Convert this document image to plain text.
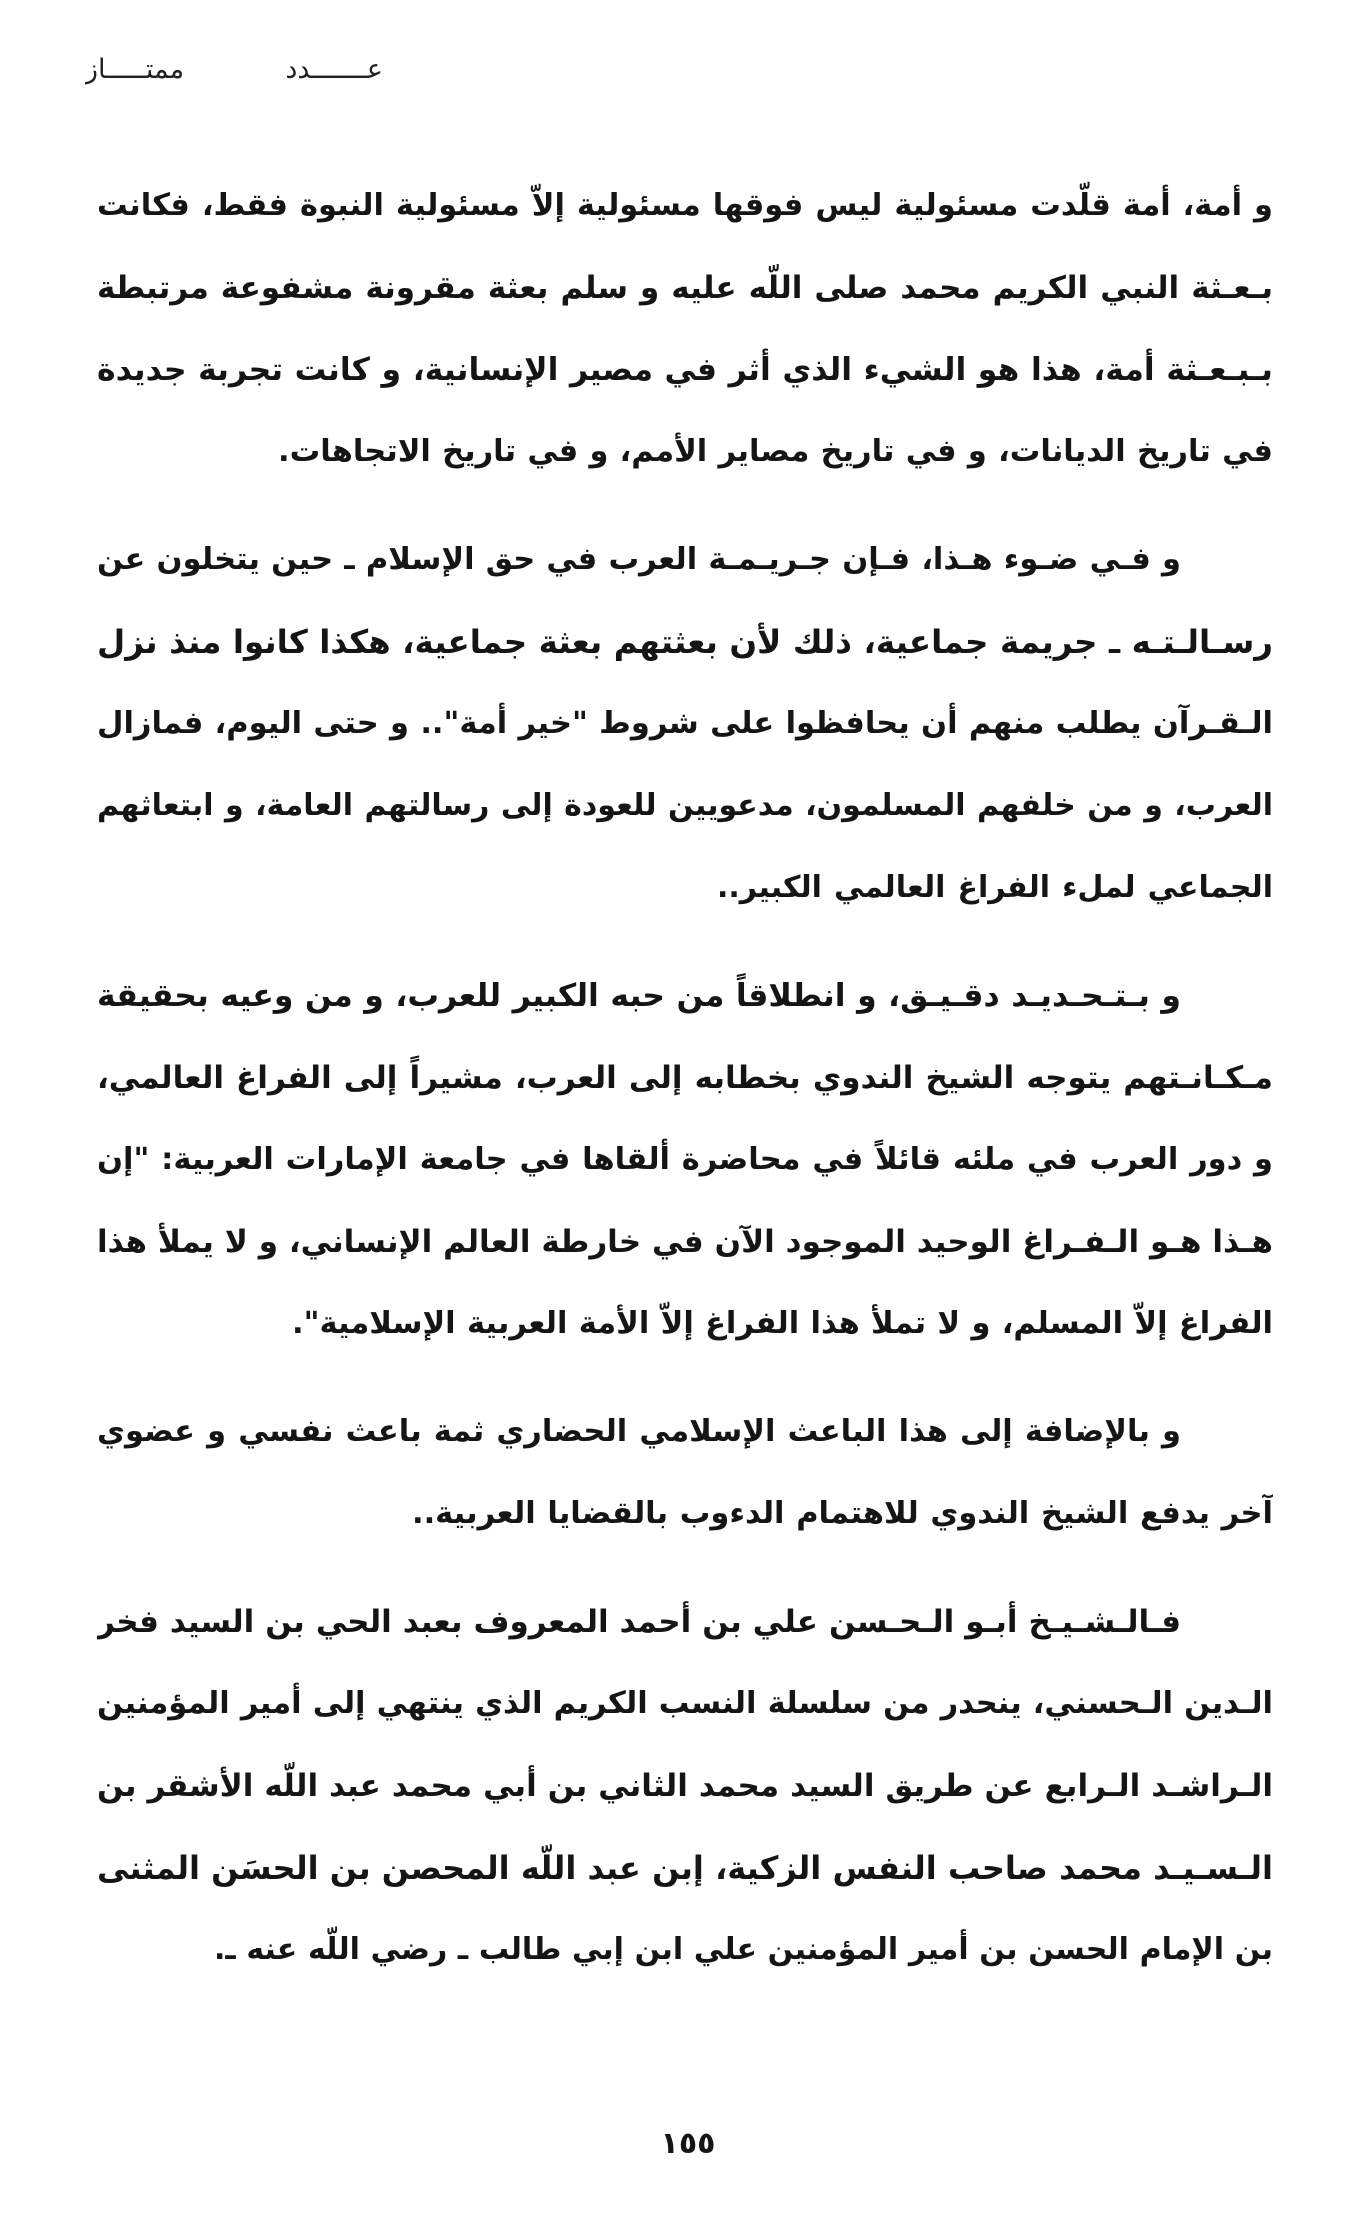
عـــــــدد ممتـــــاز
و أمة، أمة قلّدت مسئولية ليس فوقها مسئولية إلاّ مسئولية النبوة فقط، فكانت
بـعـثة النبي الكريم محمد صلى اللّه عليه و سلم بعثة مقرونة مشفوعة مرتبطة
بـبـعـثة أمة، هذا هو الشيء الذي أثر في مصير الإنسانية، و كانت تجربة جديدة
في تاريخ الديانات، و في تاريخ مصاير الأمم، و في تاريخ الاتجاهات.
و فـي ضـوء هـذا، فـإن جـريـمـة العرب في حق الإسلام ـ حين يتخلون عن
رسـالـتـه ـ جريمة جماعية، ذلك لأن بعثتهم بعثة جماعية، هكذا كانوا منذ نزل
الـقـرآن يطلب منهم أن يحافظوا على شروط "خير أمة".. و حتى اليوم، فمازال
العرب، و من خلفهم المسلمون، مدعويين للعودة إلى رسالتهم العامة، و ابتعاثهم
الجماعي لملء الفراغ العالمي الكبير..
و بـتـحـديـد دقـيـق، و انطلاقاً من حبه الكبير للعرب، و من وعيه بحقيقة
مـكـانـتهم يتوجه الشيخ الندوي بخطابه إلى العرب، مشيراً إلى الفراغ العالمي،
و دور العرب في ملئه قائلاً في محاضرة ألقاها في جامعة الإمارات العربية: "إن
هـذا هـو الـفـراغ الوحيد الموجود الآن في خارطة العالم الإنساني، و لا يملأ هذا
الفراغ إلاّ المسلم، و لا تملأ هذا الفراغ إلاّ الأمة العربية الإسلامية".
و بالإضافة إلى هذا الباعث الإسلامي الحضاري ثمة باعث نفسي و عضوي
آخر يدفع الشيخ الندوي للاهتمام الدءوب بالقضايا العربية..
فـالـشـيـخ أبـو الـحـسن علي بن أحمد المعروف بعبد الحي بن السيد فخر
الـدين الـحسني، ينحدر من سلسلة النسب الكريم الذي ينتهي إلى أمير المؤمنين
الـراشـد الـرابع عن طريق السيد محمد الثاني بن أبي محمد عبد اللّه الأشقر بن
الـسـيـد محمد صاحب النفس الزكية، إبن عبد اللّه المحصن بن الحسَن المثنى
بن الإمام الحسن بن أمير المؤمنين علي ابن إبي طالب ـ رضي اللّه عنه ـ.
١٥٥
